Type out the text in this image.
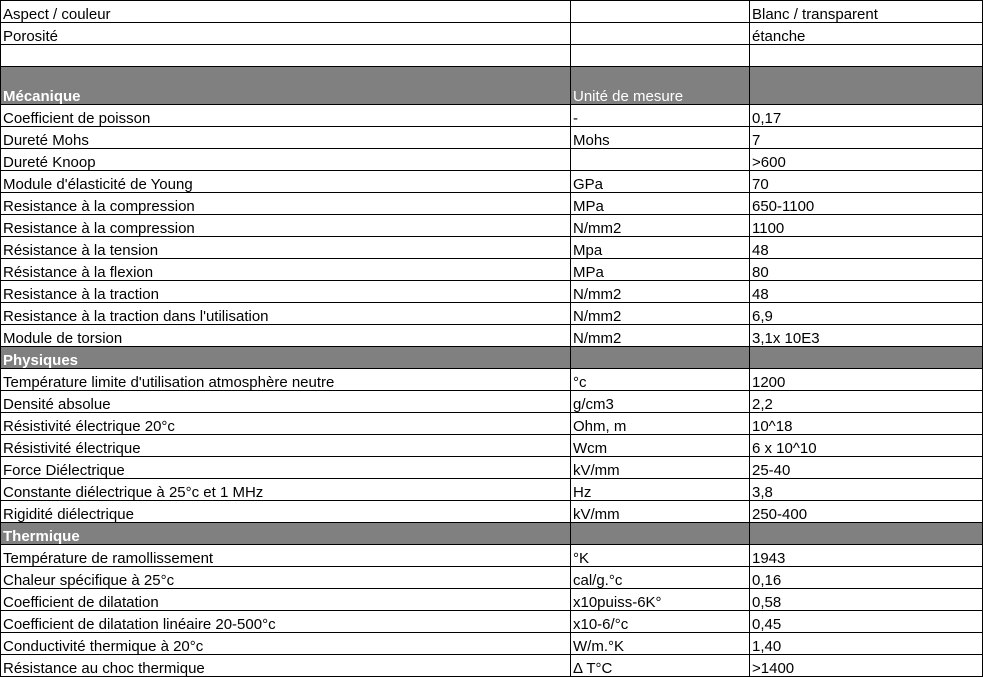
Aspect / couleur		Blanc / transparent
Porosité		étanche

Mécanique	Unité de mesure	
Coefficient de poisson	-	0,17
Dureté Mohs	Mohs	7
Dureté Knoop		>600
Module d'élasticité de Young	GPa	70
Resistance à la compression	MPa	650-1100
Resistance à la compression	N/mm2	1100
Résistance à la tension	Mpa	48
Résistance à la flexion	MPa	80
Resistance à la traction	N/mm2	48
Resistance à la traction dans l'utilisation	N/mm2	6,9
Module de torsion	N/mm2	3,1x 10E3
Physiques		
Température limite d'utilisation atmosphère neutre	°c	1200
Densité absolue	g/cm3	2,2
Résistivité électrique 20°c	Ohm, m	10^18
Résistivité électrique	Wcm	6 x 10^10
Force Diélectrique	kV/mm	25-40
Constante diélectrique à 25°c et 1 MHz	Hz	3,8
Rigidité diélectrique	kV/mm	250-400
Thermique		
Température de ramollissement	°K	1943
Chaleur spécifique à 25°c	cal/g.°c	0,16
Coefficient de dilatation	x10puiss-6K°	0,58
Coefficient de dilatation linéaire 20-500°c	x10-6/°c	0,45
Conductivité thermique à 20°c	W/m.°K	1,40
Résistance au choc thermique	Δ T°C	>1400
